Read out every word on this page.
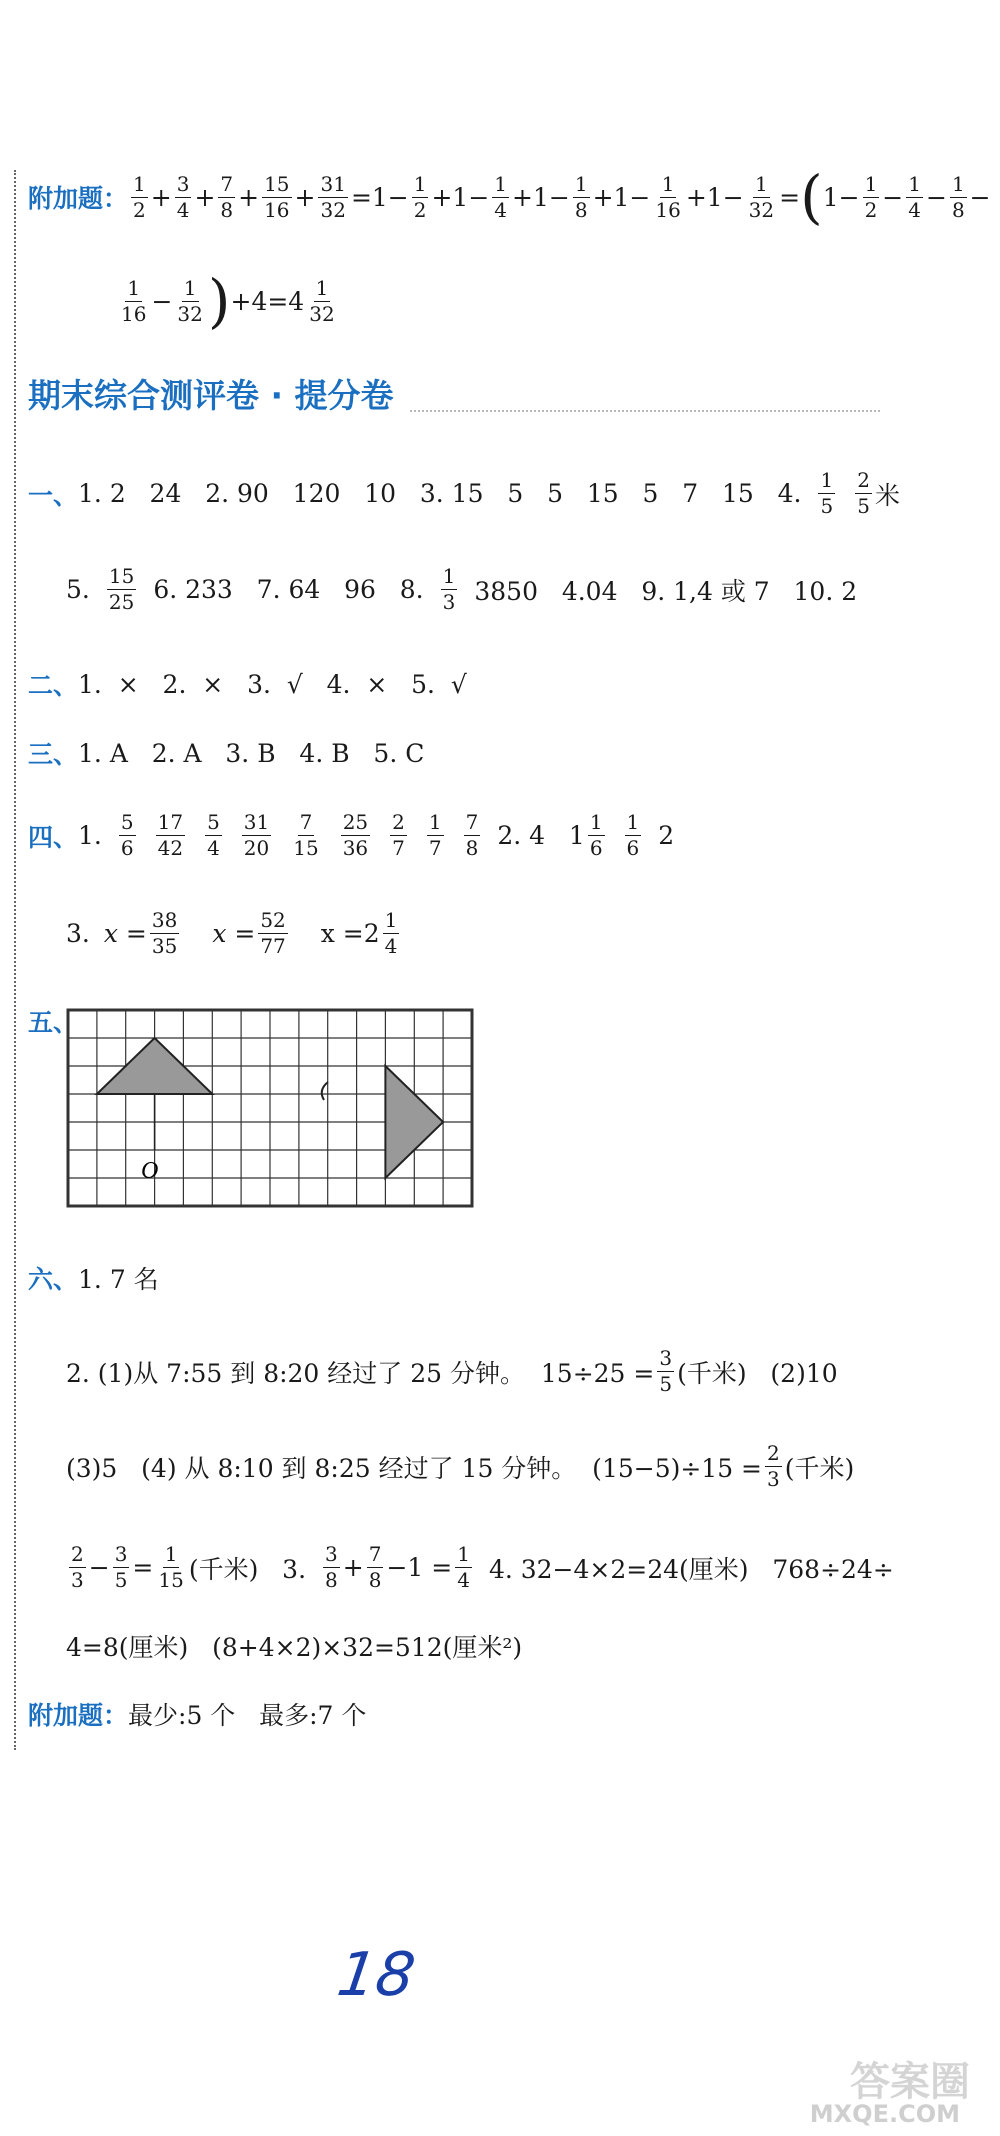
附加题： $\frac{1}{2} + \frac{3}{4} + \frac{7}{8} + \frac{15}{16} + \frac{31}{32} =1- \frac{1}{2} +1- \frac{1}{4} +1- \frac{1}{8} +1- \frac{1}{16} +1- \frac{1}{32}$ = ( $1- \frac{1}{2} - \frac{1}{4} - \frac{1}{8}$ −
$\frac{1}{16} - \frac{1}{32}$ ) $+4=4 \frac{1}{32}$
期末综合测评卷 · 提分卷
一、 1. 2   24   2. 90   120   10   3. 15   5   5   15   5   7   15   4. $\frac{1}{5} \frac{2}{5}$ 米
5. $\frac{15}{25} 6$. 233   7. 64   96   8. $\frac{1}{3} 3850$   4.04   9. 1,4 或 7   10. 2
二、 1.  ×   2.  ×   3.  √   4.  ×   5.  √
三、 1. A   2. A   3. B   4. B   5. C
四、 1. $\frac{5}{6} \frac{17}{42} \frac{5}{4} \frac{31}{20} \frac{7}{15} \frac{25}{36} \frac{2}{7} \frac{1}{7} \frac{7}{8} 2$. 4   $1 \frac{1}{6} \frac{1}{6} 2$
3. $x = \frac{38}{35}$ $x = \frac{52}{77}$ $x =2 \frac{1}{4}$
五、
O
六、 1. 7 名
2. (1)从 7:55 到 8:20 经过了 25 分钟。  $15\div 25 = \frac{3}{5}$ (千米)   (2)10
(3)5   (4) 从 8:10 到 8:25 经过了 15 分钟。  $(15-5)\div 15 = \frac{2}{3}$ (千米)
$\frac{2}{3} - \frac{3}{5} = \frac{1}{15}$ (千米)   3. $\frac{3}{8} + \frac{7}{8} -1 = \frac{1}{4} 4$. 32−4×2=24(厘米)   768÷24÷
4=8(厘米)   (8+4×2)×32=512(厘米²)
附加题： 最少:5 个   最多:7 个
18
答案圈
MXQE.COM
